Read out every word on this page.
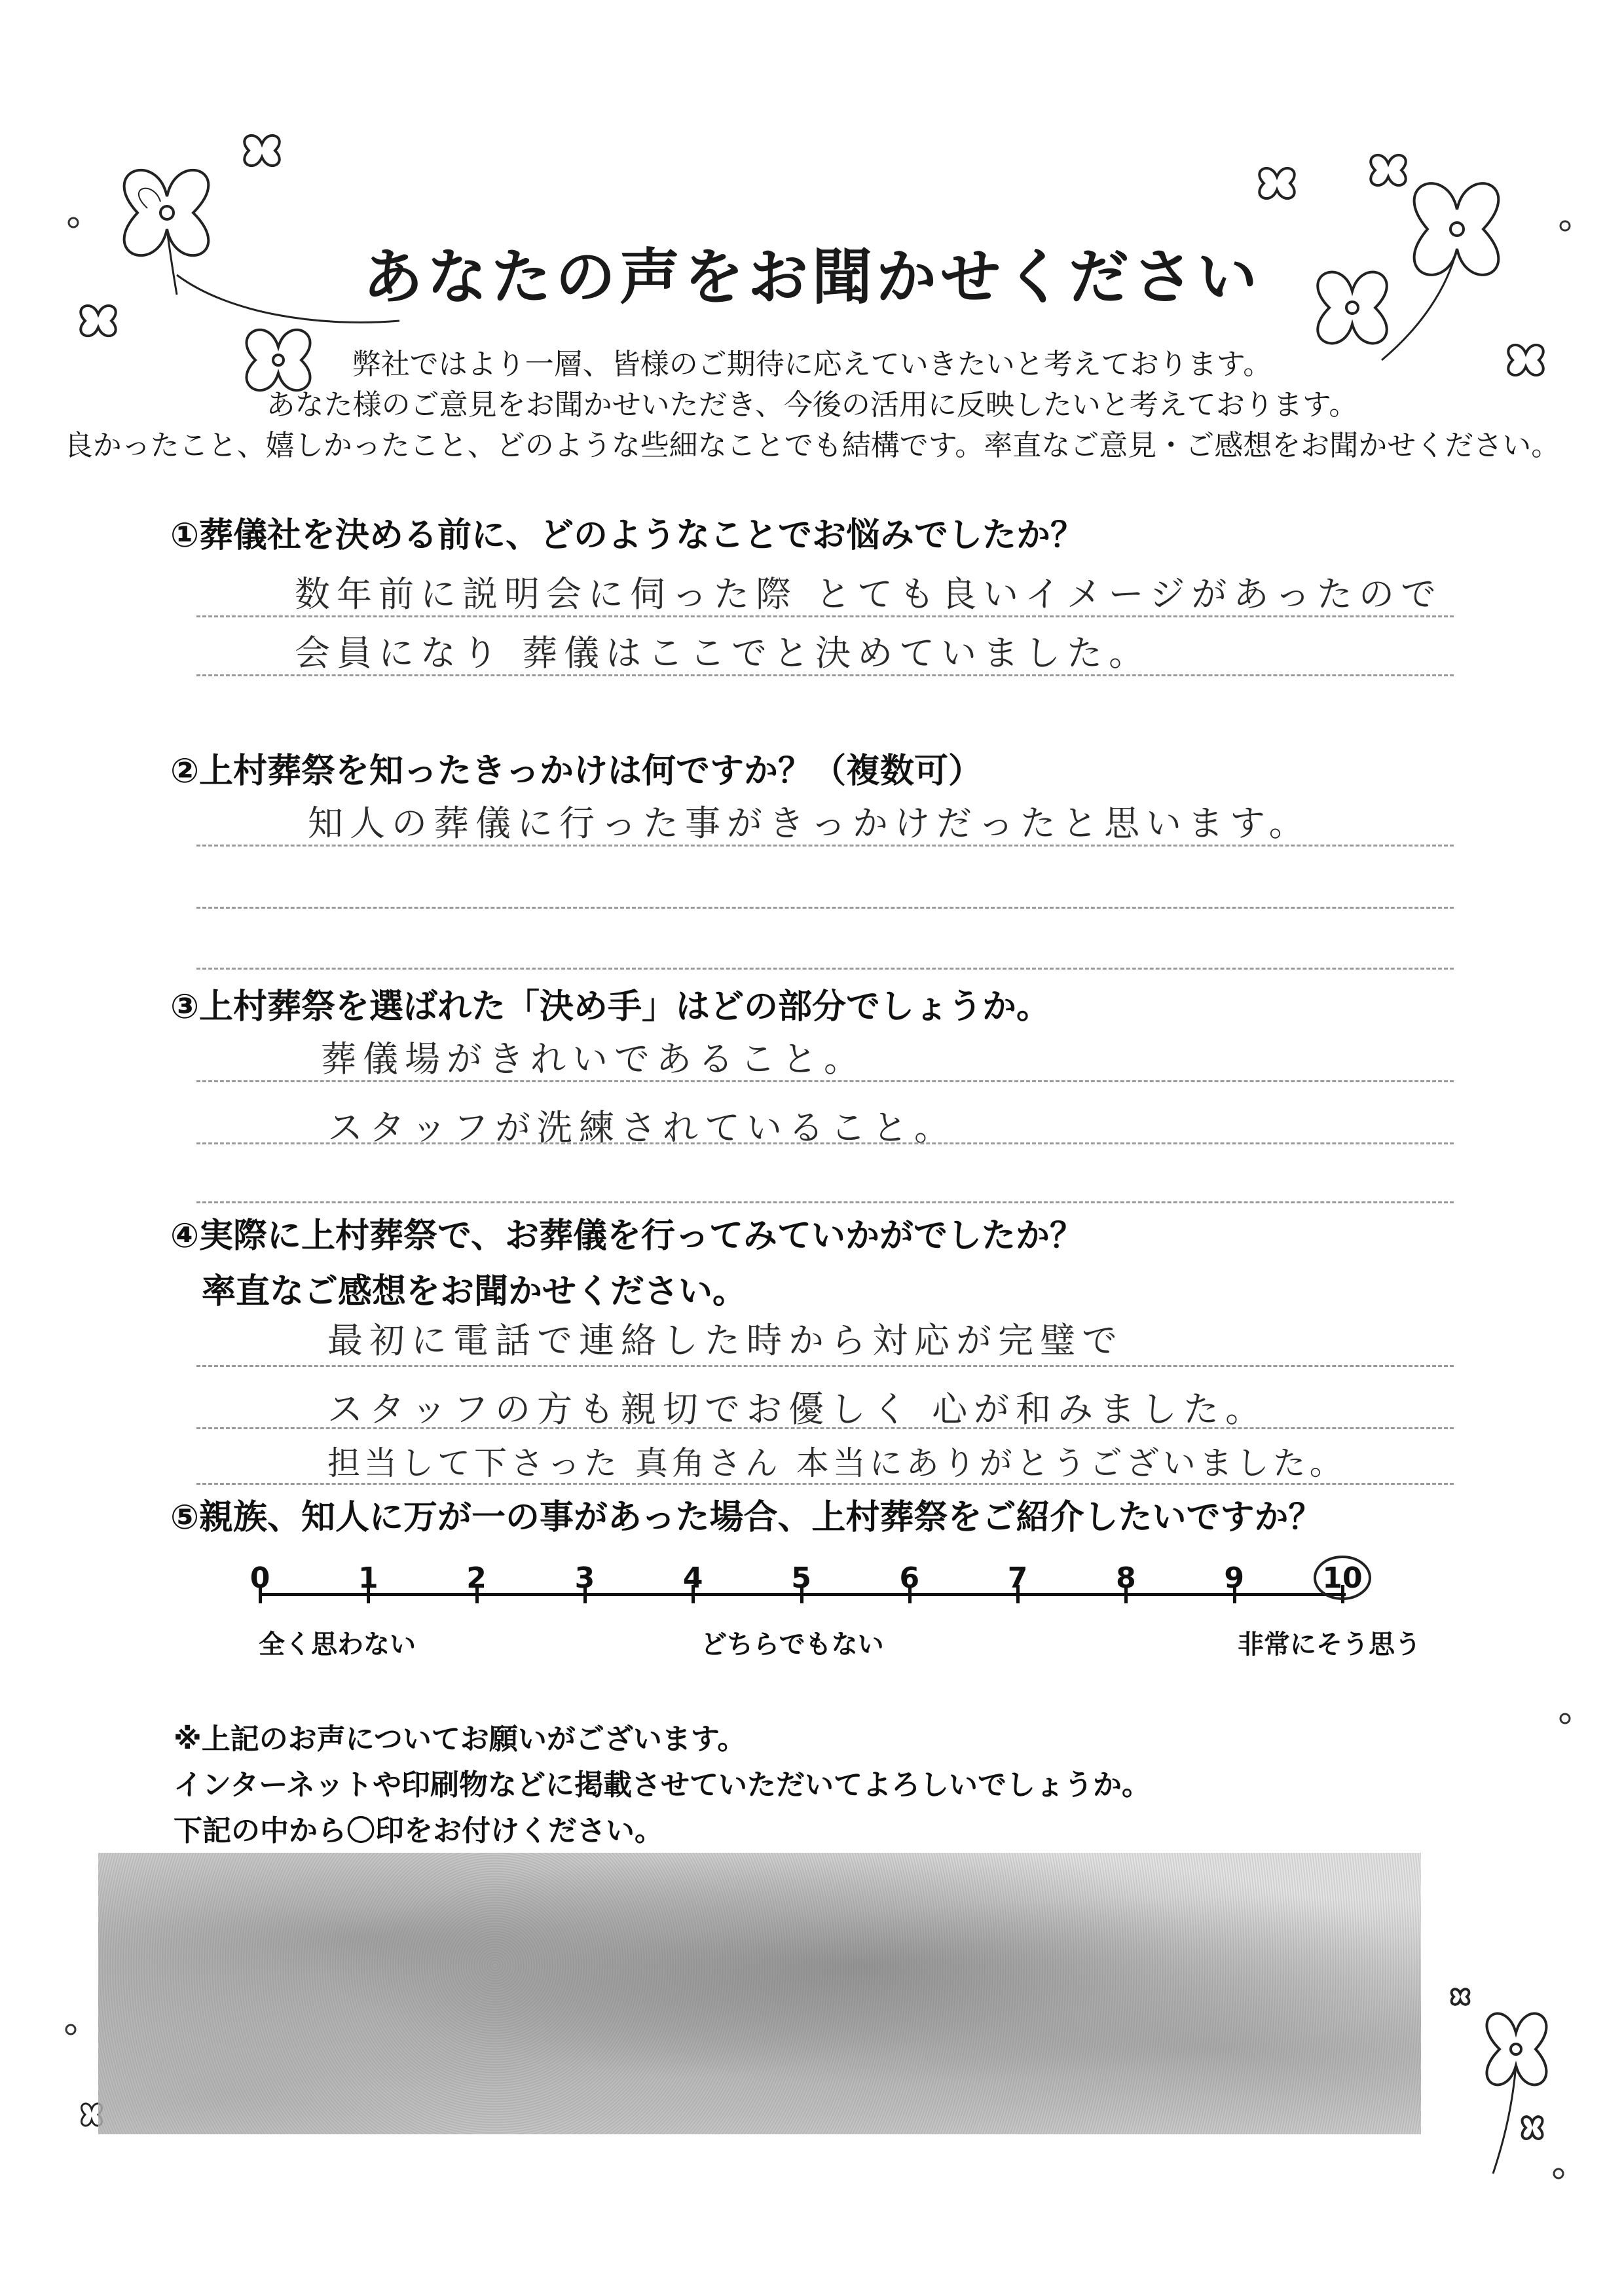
あなたの声をお聞かせください
弊社ではより一層、皆様のご期待に応えていきたいと考えております。
あなた様のご意見をお聞かせいただき、今後の活用に反映したいと考えております。
良かったこと、嬉しかったこと、どのような些細なことでも結構です。率直なご意見・ご感想をお聞かせください。
①葬儀社を決める前に、どのようなことでお悩みでしたか？
数年前に説明会に伺った際 とても良いイメージがあったので
会員になり 葬儀はここでと決めていました。
②上村葬祭を知ったきっかけは何ですか？（複数可）
知人の葬儀に行った事がきっかけだったと思います。
③上村葬祭を選ばれた「決め手」はどの部分でしょうか。
葬儀場がきれいであること。
スタッフが洗練されていること。
④実際に上村葬祭で、お葬儀を行ってみていかがでしたか？
率直なご感想をお聞かせください。
最初に電話で連絡した時から対応が完璧で
スタッフの方も親切でお優しく 心が和みました。
担当して下さった 真角さん 本当にありがとうございました。
⑤親族、知人に万が一の事があった場合、上村葬祭をご紹介したいですか？
0	1	2	3	4	5	6	7	8	9	10
全く思わない	どちらでもない	非常にそう思う
※上記のお声についてお願いがございます。
インターネットや印刷物などに掲載させていただいてよろしいでしょうか。
下記の中から〇印をお付けください。
